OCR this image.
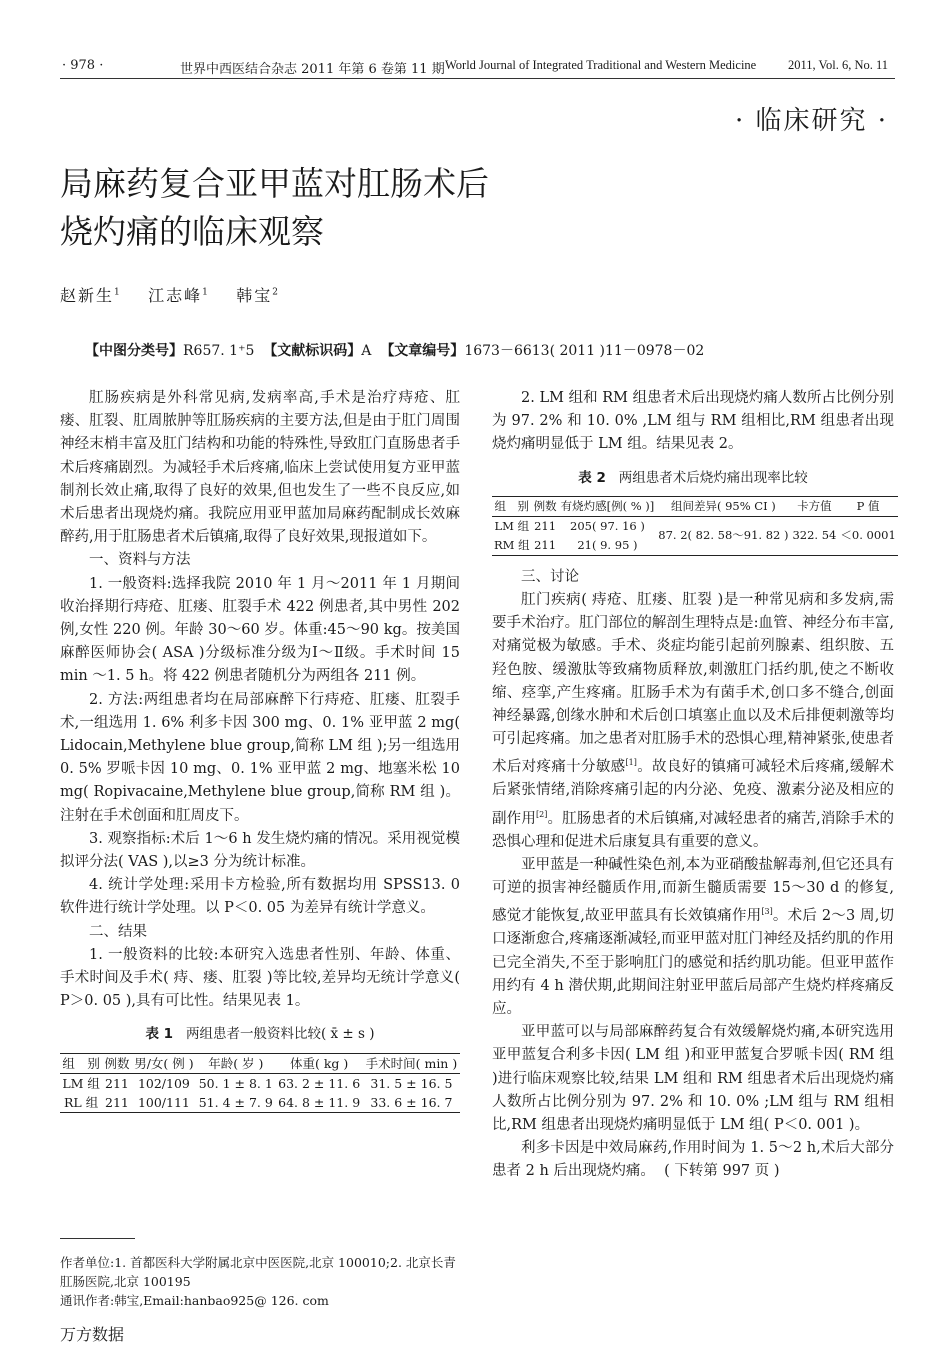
· 978 ·	世界中西医结合杂志 2011 年第 6 卷第 11 期 World Journal of Integrated Traditional and Western Medicine	2011, Vol. 6, No. 11
· 临床研究 ·
局麻药复合亚甲蓝对肛肠术后
烧灼痛的临床观察
赵新生$^1$ 江志峰$^1$ 韩宝$^2$
【中图分类号】R657. 1⁺5 【文献标识码】A 【文章编号】1673－6613( 2011 )11－0978－02

肛肠疾病是外科常见病,发病率高,手术是治疗痔疮、肛瘘、肛裂、肛周脓肿等肛肠疾病的主要方法,但是由于肛门周围神经末梢丰富及肛门结构和功能的特殊性,导致肛门直肠患者手术后疼痛剧烈。为减轻手术后疼痛,临床上尝试使用复方亚甲蓝制剂长效止痛,取得了良好的效果,但也发生了一些不良反应,如术后患者出现烧灼痛。我院应用亚甲蓝加局麻药配制成长效麻醉药,用于肛肠患者术后镇痛,取得了良好效果,现报道如下。

一、资料与方法

1. 一般资料:选择我院 2010 年 1 月～2011 年 1 月期间收治择期行痔疮、肛瘘、肛裂手术 422 例患者,其中男性 202 例,女性 220 例。年龄 30～60 岁。体重:45～90 kg。按美国麻醉医师协会( ASA )分级标准分级为Ⅰ～Ⅱ级。手术时间 15 min ～1. 5 h。将 422 例患者随机分为两组各 211 例。

2. 方法:两组患者均在局部麻醉下行痔疮、肛瘘、肛裂手术,一组选用 1. 6% 利多卡因 300 mg、0. 1% 亚甲蓝 2 mg( Lidocain,Methylene blue group,简称 LM 组 );另一组选用 0. 5% 罗哌卡因 10 mg、0. 1% 亚甲蓝 2 mg、地塞米松 10 mg( Ropivacaine,Methylene blue group,简称 RM 组 )。注射在手术创面和肛周皮下。

3. 观察指标:术后 1～6 h 发生烧灼痛的情况。采用视觉模拟评分法( VAS ),以≥3 分为统计标准。

4. 统计学处理:采用卡方检验,所有数据均用 SPSS13. 0 软件进行统计学处理。以 P＜0. 05 为差异有统计学意义。

二、结果

1. 一般资料的比较:本研究入选患者性别、年龄、体重、手术时间及手术( 痔、瘘、肛裂 )等比较,差异均无统计学意义( P＞0. 05 ),具有可比性。结果见表 1。

表 1 两组患者一般资料比较( x̄ ± s )
组　别	例数	男/女( 例 )	年龄( 岁 )	体重( kg )	手术时间( min )
LM 组	211	102/109	50. 1 ± 8. 1	63. 2 ± 11. 6	31. 5 ± 16. 5
RL 组	211	100/111	51. 4 ± 7. 9	64. 8 ± 11. 9	33. 6 ± 16. 7
作者单位:1. 首都医科大学附属北京中医医院,北京 100010;2. 北京长青肛肠医院,北京 100195
通讯作者:韩宝,Email:hanbao925@ 126. com
万方数据

2. LM 组和 RM 组患者术后出现烧灼痛人数所占比例分别为 97. 2% 和 10. 0% ,LM 组与 RM 组相比,RM 组患者出现烧灼痛明显低于 LM 组。结果见表 2。

表 2 两组患者术后烧灼痛出现率比较
组　别	例数	有烧灼感[例( % )]	组间差异( 95% CI )	卡方值	P 值
LM 组	211	205( 97. 16 )	87. 2( 82. 58～91. 82 )	322. 54	＜0. 0001
RM 组	211	21( 9. 95 )			

三、讨论

肛门疾病( 痔疮、肛瘘、肛裂 )是一种常见病和多发病,需要手术治疗。肛门部位的解剖生理特点是:血管、神经分布丰富,对痛觉极为敏感。手术、炎症均能引起前列腺素、组织胺、五羟色胺、缓激肽等致痛物质释放,刺激肛门括约肌,使之不断收缩、痉挛,产生疼痛。肛肠手术为有菌手术,创口多不缝合,创面神经暴露,创缘水肿和术后创口填塞止血以及术后排便刺激等均可引起疼痛。加之患者对肛肠手术的恐惧心理,精神紧张,使患者术后对疼痛十分敏感[1]。故良好的镇痛可减轻术后疼痛,缓解术后紧张情绪,消除疼痛引起的内分泌、免疫、激素分泌及相应的副作用[2]。肛肠患者的术后镇痛,对减轻患者的痛苦,消除手术的恐惧心理和促进术后康复具有重要的意义。

亚甲蓝是一种碱性染色剂,本为亚硝酸盐解毒剂,但它还具有可逆的损害神经髓质作用,而新生髓质需要 15～30 d 的修复,感觉才能恢复,故亚甲蓝具有长效镇痛作用[3]。术后 2～3 周,切口逐渐愈合,疼痛逐渐减轻,而亚甲蓝对肛门神经及括约肌的作用已完全消失,不至于影响肛门的感觉和括约肌功能。但亚甲蓝作用约有 4 h 潜伏期,此期间注射亚甲蓝后局部产生烧灼样疼痛反应。

亚甲蓝可以与局部麻醉药复合有效缓解烧灼痛,本研究选用亚甲蓝复合利多卡因( LM 组 )和亚甲蓝复合罗哌卡因( RM 组 )进行临床观察比较,结果 LM 组和 RM 组患者术后出现烧灼痛人数所占比例分别为 97. 2% 和 10. 0% ;LM 组与 RM 组相比,RM 组患者出现烧灼痛明显低于 LM 组( P＜0. 001 )。

利多卡因是中效局麻药,作用时间为 1. 5～2 h,术后大部分患者 2 h 后出现烧灼痛。 ( 下转第 997 页 )
